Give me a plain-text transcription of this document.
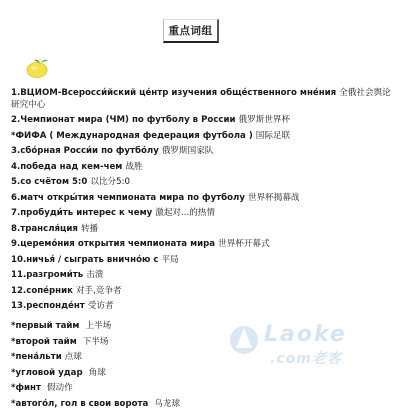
重点词组
1.ВЦИОМ-Всеросси́йский це́нтр изучения обще́ственного мне́ния 全俄社会舆论研究中心
2.Чемпионат мира (ЧМ) по футболу в России 俄罗斯世界杯
*ФИФА ( Международная федерация футбола ) 国际足联
3.сбо́рная Росси́и по футбо́лу 俄罗斯国家队
4.победа над кем-чем 战胜
5.со счётом 5:0 以比分5:0
6.матч откры́тия чемпионата мира по футболу 世界杯揭幕战
7.пробуди́ть интерес к чему 激起对...的热情
8.трансля́ция 转播
9.церемо́ния открытия чемпионата мира 世界杯开幕式
10.ничья́ / сыграть внично́ю с 平局
11.разгроми́ть 击溃
12.сопе́рник 对手,竞争者
13.респонде́нт 受访者
Laoke
.com老客
*первый тайм 上半场
*второй тайм 下半场
*пена́льти 点球
*угловой удар 角球
*финт 假动作
*автого́л, гол в свои ворота 乌龙球
